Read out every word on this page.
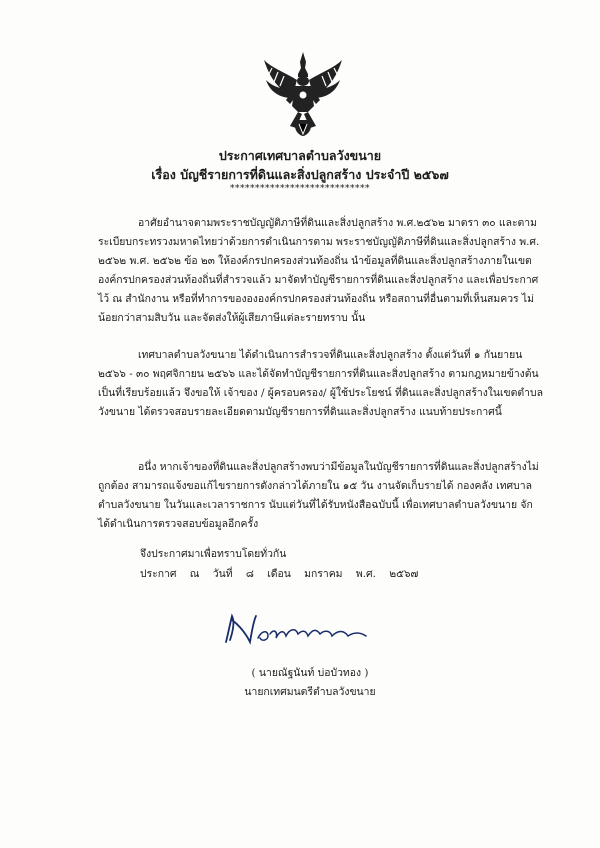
ประกาศเทศบาลตำบลวังขนาย
เรื่อง บัญชีรายการที่ดินและสิ่งปลูกสร้าง ประจำปี ๒๕๖๗
****************************
อาศัยอำนาจตามพระราชบัญญัติภาษีที่ดินและสิ่งปลูกสร้าง พ.ศ.๒๕๖๒ มาตรา ๓๐ และตามระเบียบกระทรวงมหาดไทยว่าด้วยการดำเนินการตาม พระราชบัญญัติภาษีที่ดินและสิ่งปลูกสร้าง พ.ศ. ๒๕๖๒ พ.ศ. ๒๕๖๒ ข้อ ๒๓ ให้องค์กรปกครองส่วนท้องถิ่น นำข้อมูลที่ดินและสิ่งปลูกสร้างภายในเขตองค์กรปกครองส่วนท้องถิ่นที่สำรวจแล้ว มาจัดทำบัญชีรายการที่ดินและสิ่งปลูกสร้าง และเพื่อประกาศไว้ ณ สำนักงาน หรือที่ทำการของององค์กรปกครองส่วนท้องถิ่น หรือสถานที่อื่นตามที่เห็นสมควร ไม่น้อยกว่าสามสิบวัน และจัดส่งให้ผู้เสียภาษีแต่ละรายทราบ นั้น
เทศบาลตำบลวังขนาย ได้ดำเนินการสำรวจที่ดินและสิ่งปลูกสร้าง ตั้งแต่วันที่ ๑ กันยายน ๒๕๖๖ - ๓๐ พฤศจิกายน ๒๕๖๖ และได้จัดทำบัญชีรายการที่ดินและสิ่งปลูกสร้าง ตามกฎหมายข้างต้นเป็นที่เรียบร้อยแล้ว จึงขอให้ เจ้าของ / ผู้ครอบครอง/ ผู้ใช้ประโยชน์ ที่ดินและสิ่งปลูกสร้างในเขตตำบลวังขนาย ได้ตรวจสอบรายละเอียดตามบัญชีรายการที่ดินและสิ่งปลูกสร้าง แนบท้ายประกาศนี้
อนึ่ง หากเจ้าของที่ดินและสิ่งปลูกสร้างพบว่ามีข้อมูลในบัญชีรายการที่ดินและสิ่งปลูกสร้างไม่ถูกต้อง สามารถแจ้งขอแก้ไขรายการดังกล่าวได้ภายใน ๑๕ วัน งานจัดเก็บรายได้ กองคลัง เทศบาลตำบลวังขนาย ในวันและเวลาราชการ นับแต่วันที่ได้รับหนังสือฉบับนี้ เพื่อเทศบาลตำบลวังขนาย จักได้ดำเนินการตรวจสอบข้อมูลอีกครั้ง
จึงประกาศมาเพื่อทราบโดยทั่วกัน
ประกาศ ณ วันที่ ๘ เดือน มกราคม พ.ศ. ๒๕๖๗
( นายณัฐนันท์ บ่อบัวทอง )
นายกเทศมนตรีตำบลวังขนาย
